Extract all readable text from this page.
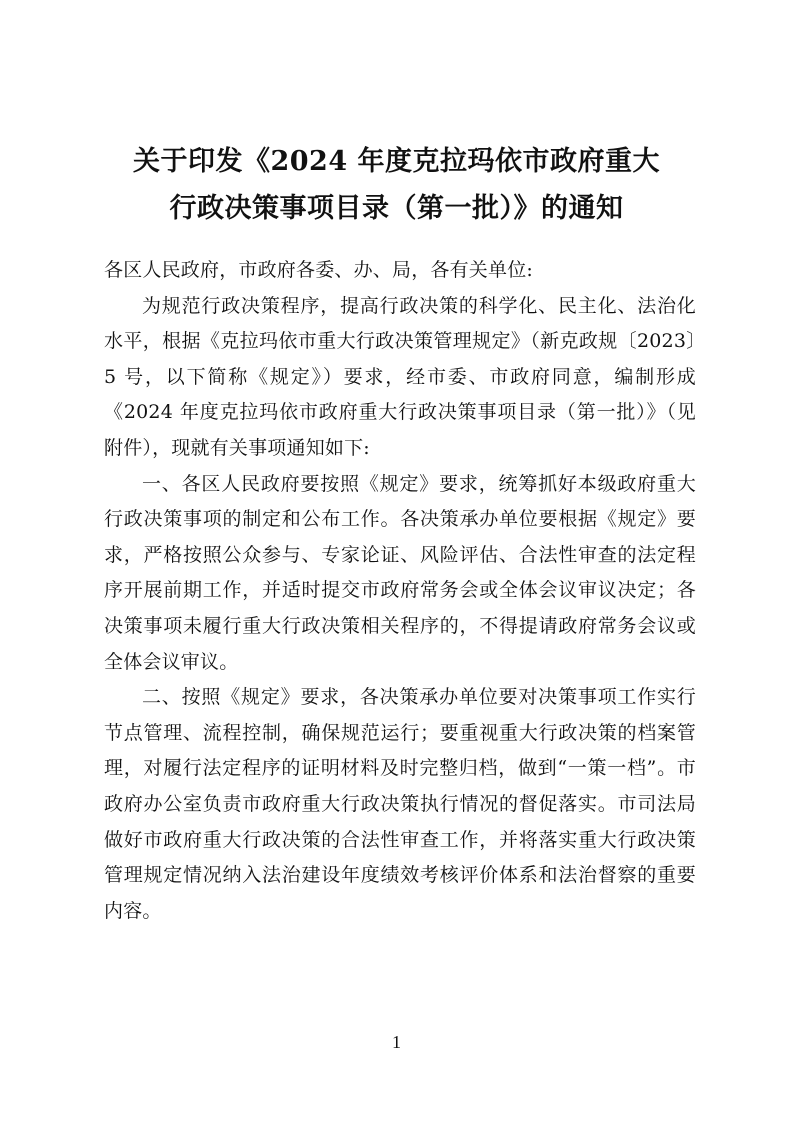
关于印发《2024 年度克拉玛依市政府重大
行政决策事项目录（第一批）》的通知

各区人民政府，市政府各委、办、局，各有关单位:

为规范行政决策程序，提高行政决策的科学化、民主化、法治化水平，根据《克拉玛依市重大行政决策管理规定》（新克政规〔2023〕5 号，以下简称《规定》）要求，经市委、市政府同意，编制形成《2024 年度克拉玛依市政府重大行政决策事项目录（第一批）》（见附件），现就有关事项通知如下:

一、各区人民政府要按照《规定》要求，统筹抓好本级政府重大行政决策事项的制定和公布工作。各决策承办单位要根据《规定》要求，严格按照公众参与、专家论证、风险评估、合法性审查的法定程序开展前期工作，并适时提交市政府常务会或全体会议审议决定；各决策事项未履行重大行政决策相关程序的，不得提请政府常务会议或全体会议审议。

二、按照《规定》要求，各决策承办单位要对决策事项工作实行节点管理、流程控制，确保规范运行；要重视重大行政决策的档案管理，对履行法定程序的证明材料及时完整归档，做到“一策一档”。市政府办公室负责市政府重大行政决策执行情况的督促落实。市司法局做好市政府重大行政决策的合法性审查工作，并将落实重大行政决策管理规定情况纳入法治建设年度绩效考核评价体系和法治督察的重要内容。

1
